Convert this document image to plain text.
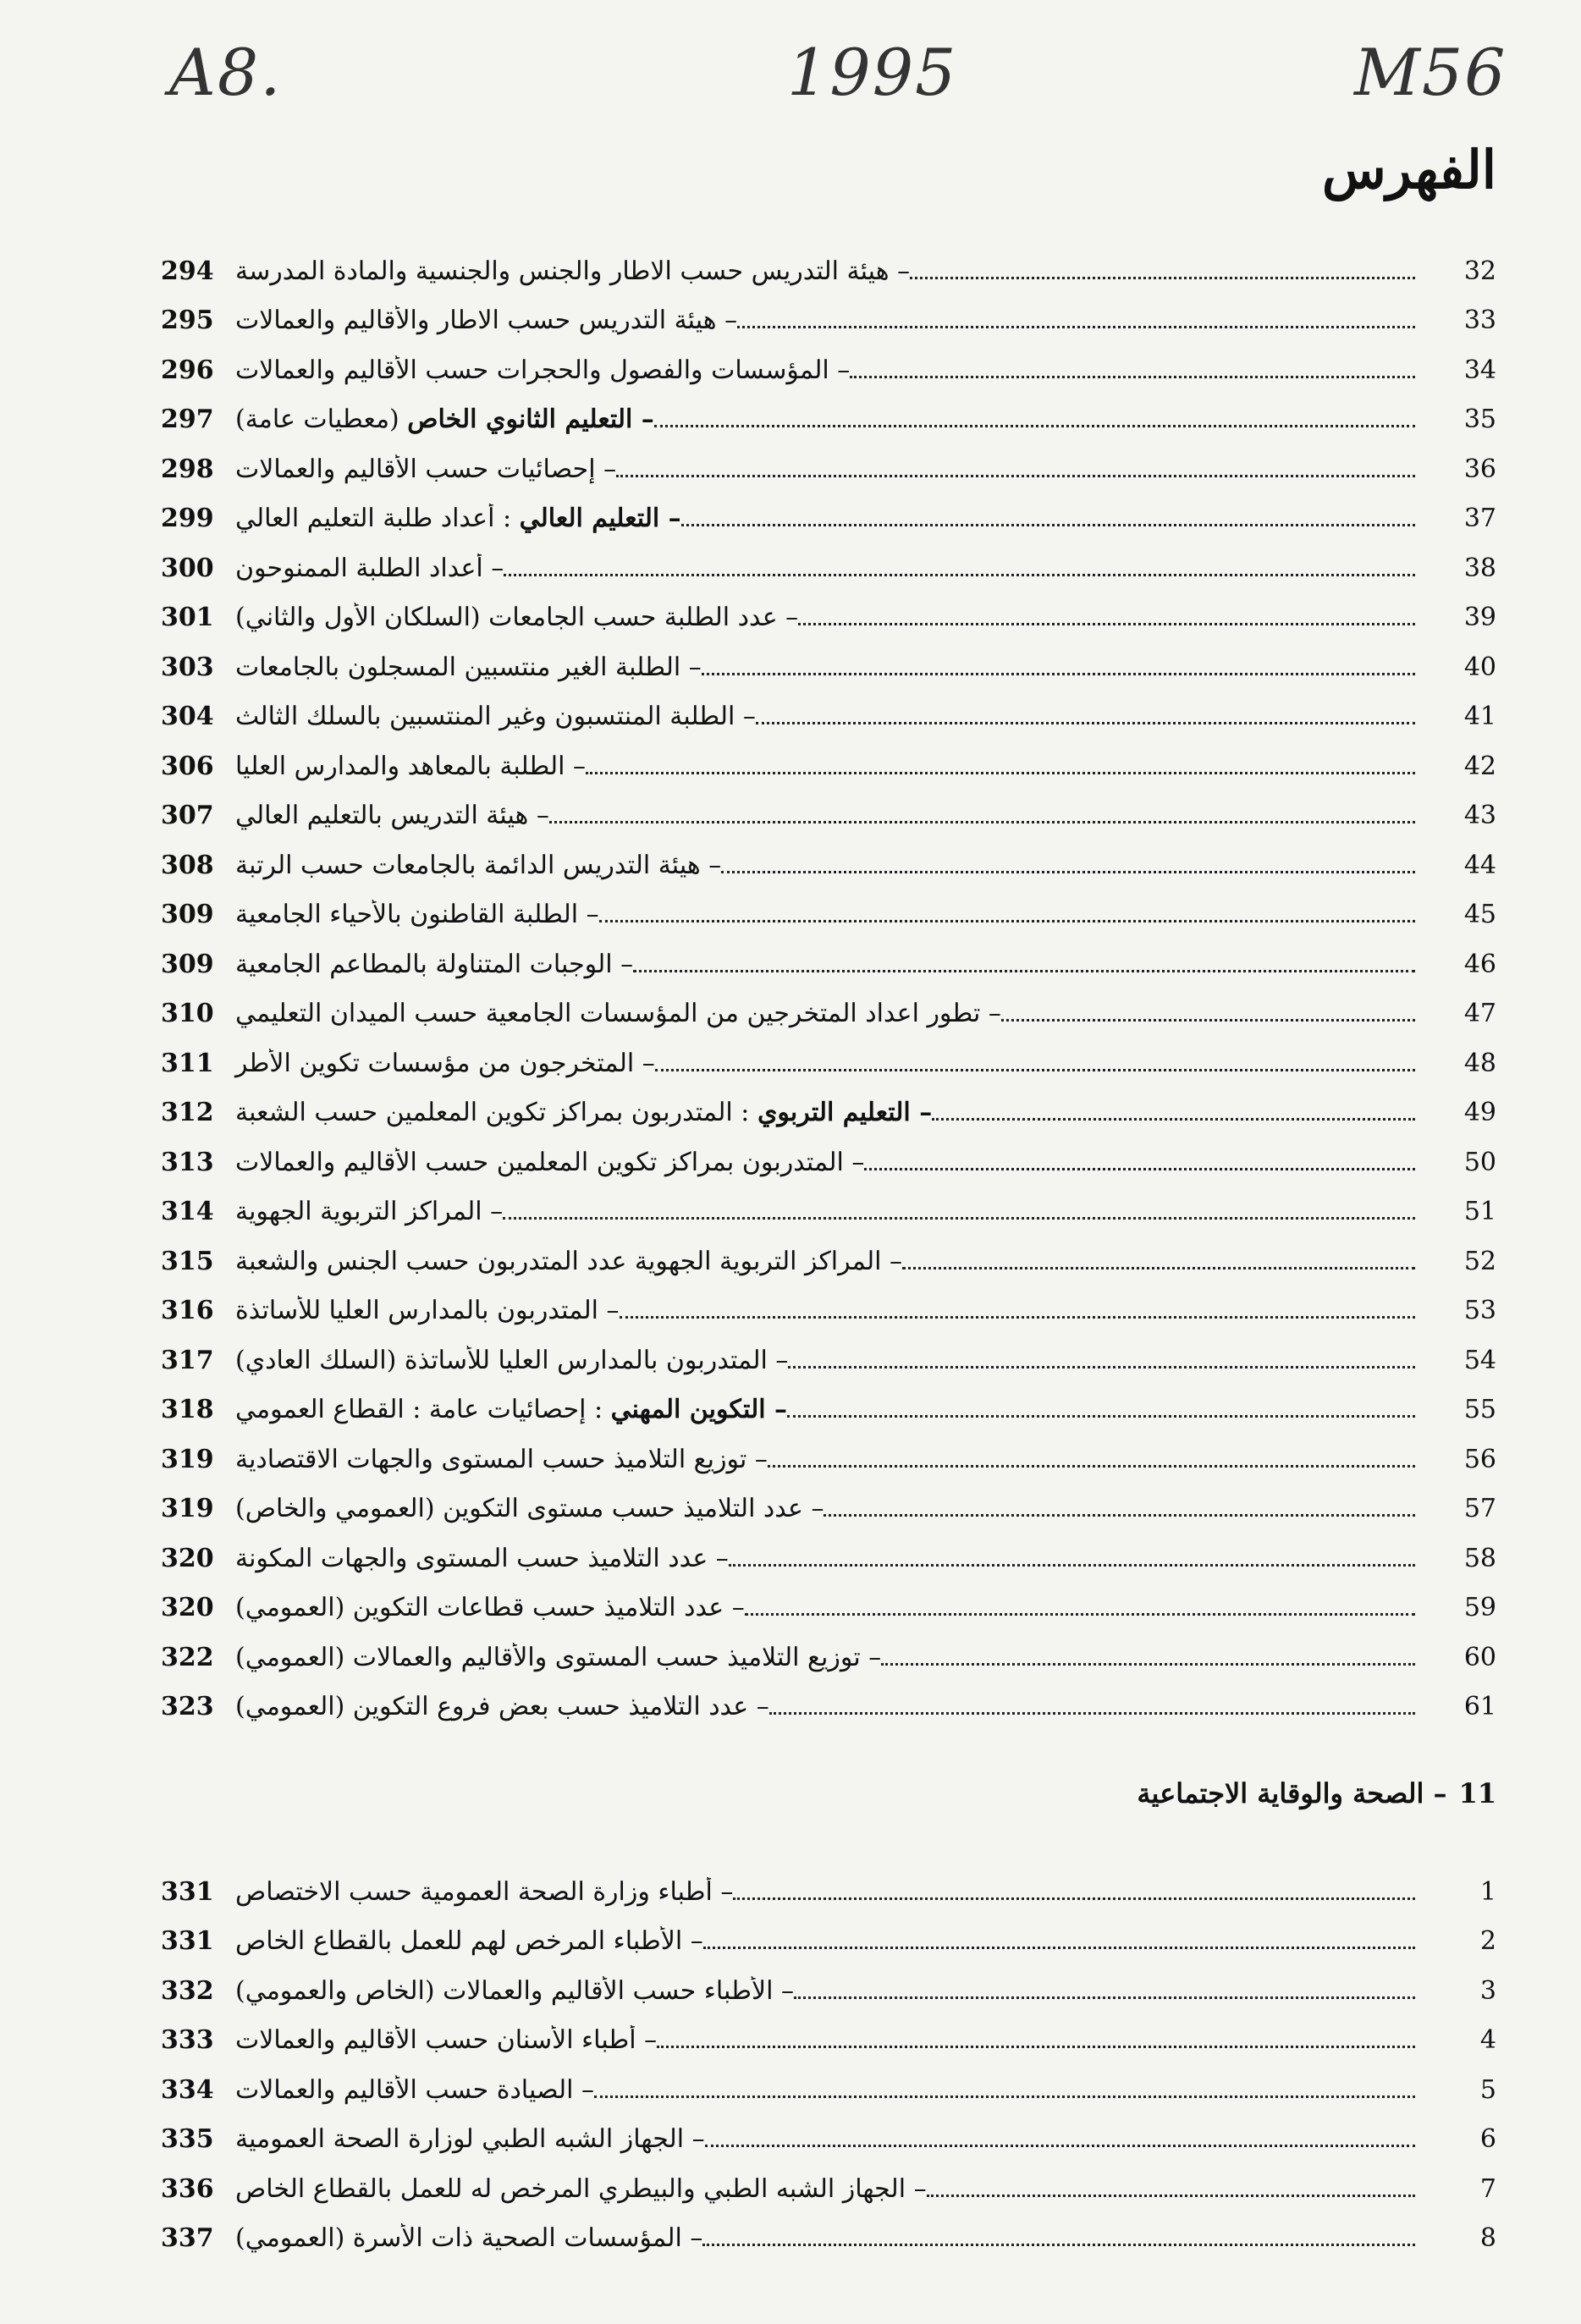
A8.	1995	M56
الفهرس
294 – هيئة التدريس حسب الاطار والجنس والجنسية والمادة المدرسة	32
295 – هيئة التدريس حسب الاطار والأقاليم والعمالات	33
296 – المؤسسات والفصول والحجرات حسب الأقاليم والعمالات	34
297	– التعليم الثانوي الخاص (معطيات عامة)	35
298 – إحصائيات حسب الأقاليم والعمالات	36
299	– التعليم العالي : أعداد طلبة التعليم العالي	37
300 – أعداد الطلبة الممنوحون	38
301 – عدد الطلبة حسب الجامعات (السلكان الأول والثاني)	39
303 – الطلبة الغير منتسبين المسجلون بالجامعات	40
304 – الطلبة المنتسبون وغير المنتسبين بالسلك الثالث	41
306 – الطلبة بالمعاهد والمدارس العليا	42
307 – هيئة التدريس بالتعليم العالي	43
308 – هيئة التدريس الدائمة بالجامعات حسب الرتبة	44
309 – الطلبة القاطنون بالأحياء الجامعية	45
309 – الوجبات المتناولة بالمطاعم الجامعية	46
310 – تطور اعداد المتخرجين من المؤسسات الجامعية حسب الميدان التعليمي	47
311 – المتخرجون من مؤسسات تكوين الأطر	48
312	– التعليم التربوي : المتدربون بمراكز تكوين المعلمين حسب الشعبة	49
313 – المتدربون بمراكز تكوين المعلمين حسب الأقاليم والعمالات	50
314 – المراكز التربوية الجهوية	51
315 – المراكز التربوية الجهوية عدد المتدربون حسب الجنس والشعبة	52
316 – المتدربون بالمدارس العليا للأساتذة	53
317 – المتدربون بالمدارس العليا للأساتذة (السلك العادي)	54
318	– التكوين المهني : إحصائيات عامة : القطاع العمومي	55
319 – توزيع التلاميذ حسب المستوى والجهات الاقتصادية	56
319 – عدد التلاميذ حسب مستوى التكوين (العمومي والخاص)	57
320 – عدد التلاميذ حسب المستوى والجهات المكونة	58
320 – عدد التلاميذ حسب قطاعات التكوين (العمومي)	59
322 – توزيع التلاميذ حسب المستوى والأقاليم والعمالات (العمومي)	60
323 – عدد التلاميذ حسب بعض فروع التكوين (العمومي)	61
11
– الصحة والوقاية الاجتماعية
331 – أطباء وزارة الصحة العمومية حسب الاختصاص	1
331 – الأطباء المرخص لهم للعمل بالقطاع الخاص	2
332 – الأطباء حسب الأقاليم والعمالات (الخاص والعمومي)	3
333 – أطباء الأسنان حسب الأقاليم والعمالات	4
334 – الصيادة حسب الأقاليم والعمالات	5
335 – الجهاز الشبه الطبي لوزارة الصحة العمومية	6
336 – الجهاز الشبه الطبي والبيطري المرخص له للعمل بالقطاع الخاص	7
337 – المؤسسات الصحية ذات الأسرة (العمومي)	8
